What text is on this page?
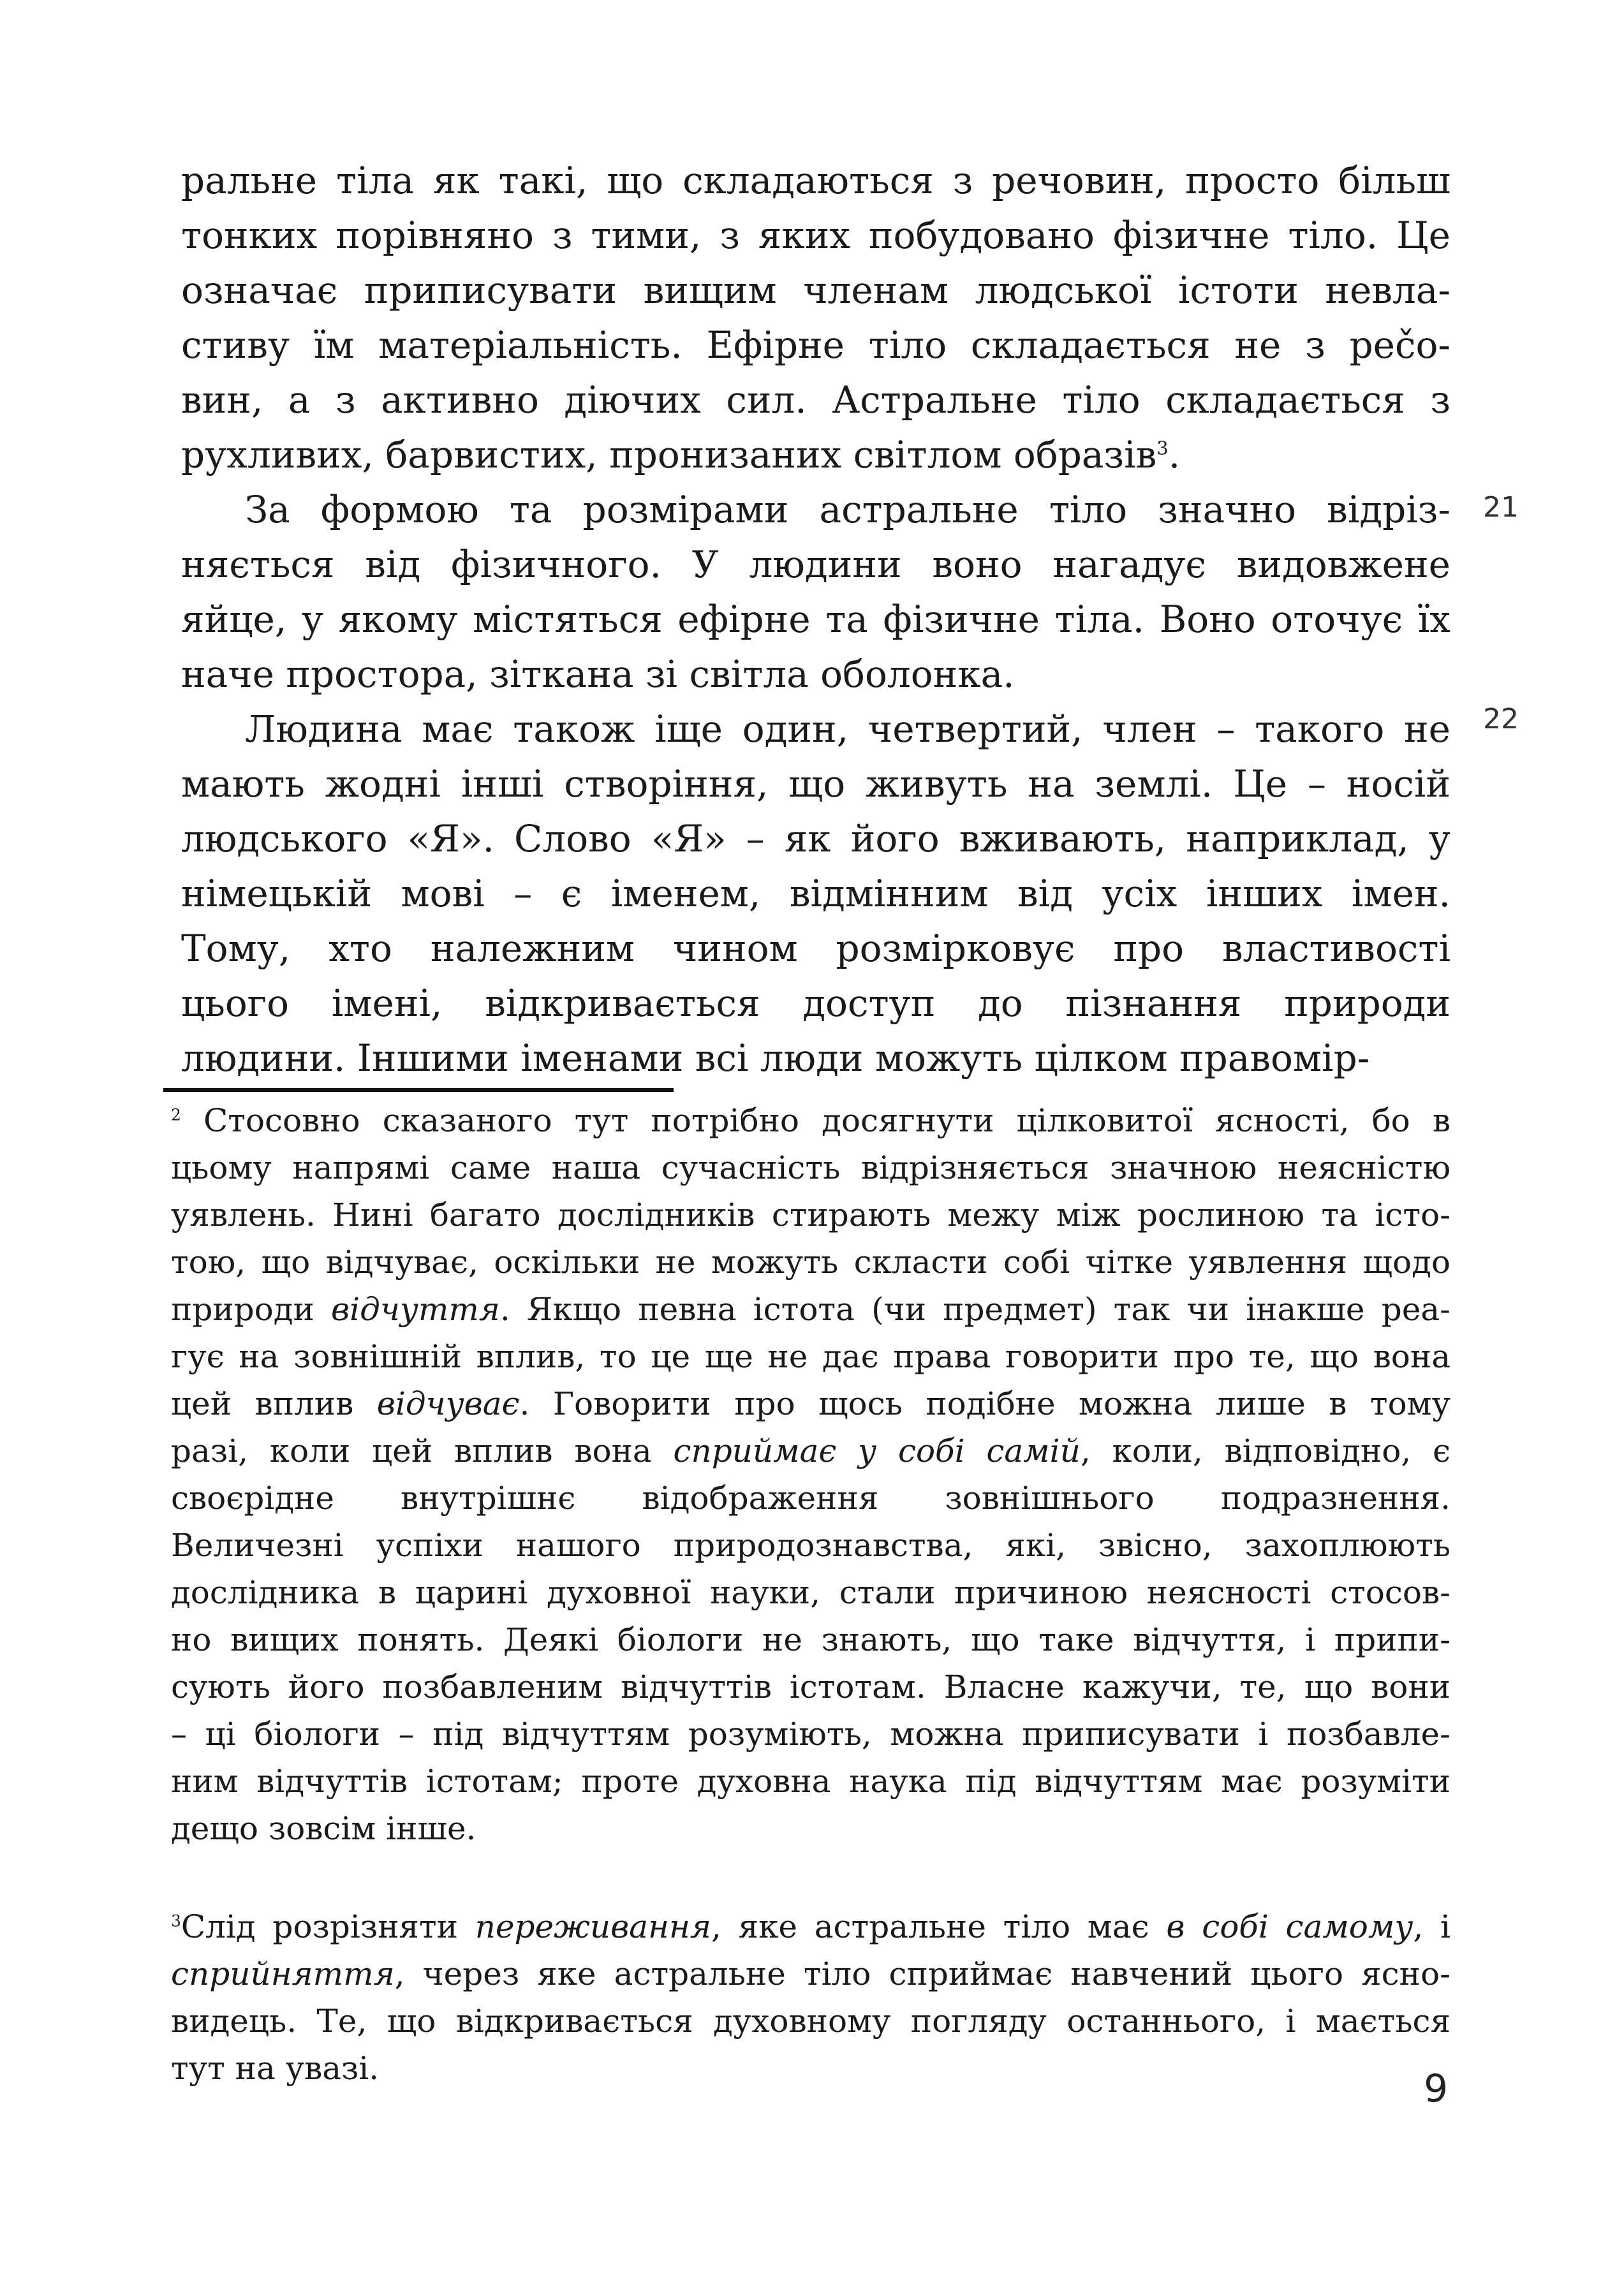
ральне тіла як такі, що складаються з речовин, просто більш
тонких порівняно з тими, з яких побудовано фізичне тіло. Це
означає приписувати вищим членам людської істоти невла-
стиву їм матеріальність. Ефірне тіло складається не з рečo-
вин, а з активно діючих сил. Астральне тіло складається з
рухливих, барвистих, пронизаних світлом образів$^3$.
За формою та розмірами астральне тіло значно відріз-
няється від фізичного. У людини воно нагадує видовжене
яйце, у якому містяться ефірне та фізичне тіла. Воно оточує їх
наче простора, зіткана зі світла оболонка.
Людина має також іще один, четвертий, член – такого не
мають жодні інші створіння, що живуть на землі. Це – носій
людського «Я». Слово «Я» – як його вживають, наприклад, у
німецькій мові – є іменем, відмінним від усіх інших імен.
Тому, хто належним чином розмірковує про властивості
цього імені, відкривається доступ до пізнання природи
людини. Іншими іменами всі люди можуть цілком правомір-
21
22
$^2$ Стосовно сказаного тут потрібно досягнути цілковитої ясності, бо в
цьому напрямі саме наша сучасність відрізняється значною неясністю
уявлень. Нині багато дослідників стирають межу між рослиною та істо-
тою, що відчуває, оскільки не можуть скласти собі чітке уявлення щодо
природи відчуття. Якщо певна істота (чи предмет) так чи інакше реа-
гує на зовнішній вплив, то це ще не дає права говорити про те, що вона
цей вплив відчуває. Говорити про щось подібне можна лише в тому
разі, коли цей вплив вона сприймає у собі самій, коли, відповідно, є
своєрідне внутрішнє відображення зовнішнього подразнення.
Величезні успіхи нашого природознавства, які, звісно, захоплюють
дослідника в царині духовної науки, стали причиною неясності стосов-
но вищих понять. Деякі біологи не знають, що таке відчуття, і припи-
сують його позбавленим відчуттів істотам. Власне кажучи, те, що вони
– ці біологи – під відчуттям розуміють, можна приписувати і позбавле-
ним відчуттів істотам; проте духовна наука під відчуттям має розуміти
дещо зовсім інше.
$^3$Слід розрізняти переживання, яке астральне тіло має в собі самому, і
сприйняття, через яке астральне тіло сприймає навчений цього ясно-
видець. Те, що відкривається духовному погляду останнього, і мається
тут на увазі.	9
